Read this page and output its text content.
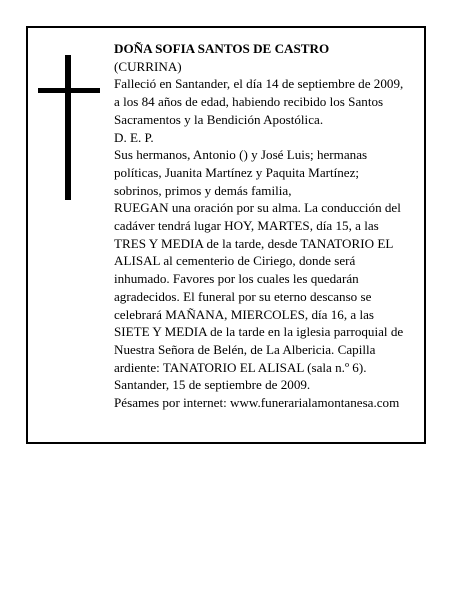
DOÑA SOFIA SANTOS DE CASTRO
(CURRINA)
Falleció en Santander, el día 14 de septiembre de 2009,
a los 84 años de edad, habiendo recibido los Santos
Sacramentos y la Bendición Apostólica.
D. E. P.
Sus hermanos, Antonio () y José Luis; hermanas
políticas, Juanita Martínez y Paquita Martínez;
sobrinos, primos y demás familia,
RUEGAN una oración por su alma. La conducción del
cadáver tendrá lugar HOY, MARTES, día 15, a las
TRES Y MEDIA de la tarde, desde TANATORIO EL
ALISAL al cementerio de Ciriego, donde será
inhumado. Favores por los cuales les quedarán
agradecidos. El funeral por su eterno descanso se
celebrará MAÑANA, MIERCOLES, día 16, a las
SIETE Y MEDIA de la tarde en la iglesia parroquial de
Nuestra Señora de Belén, de La Albericia. Capilla
ardiente: TANATORIO EL ALISAL (sala n.º 6).
Santander, 15 de septiembre de 2009.
Pésames por internet: www.funerarialamontanesa.com
